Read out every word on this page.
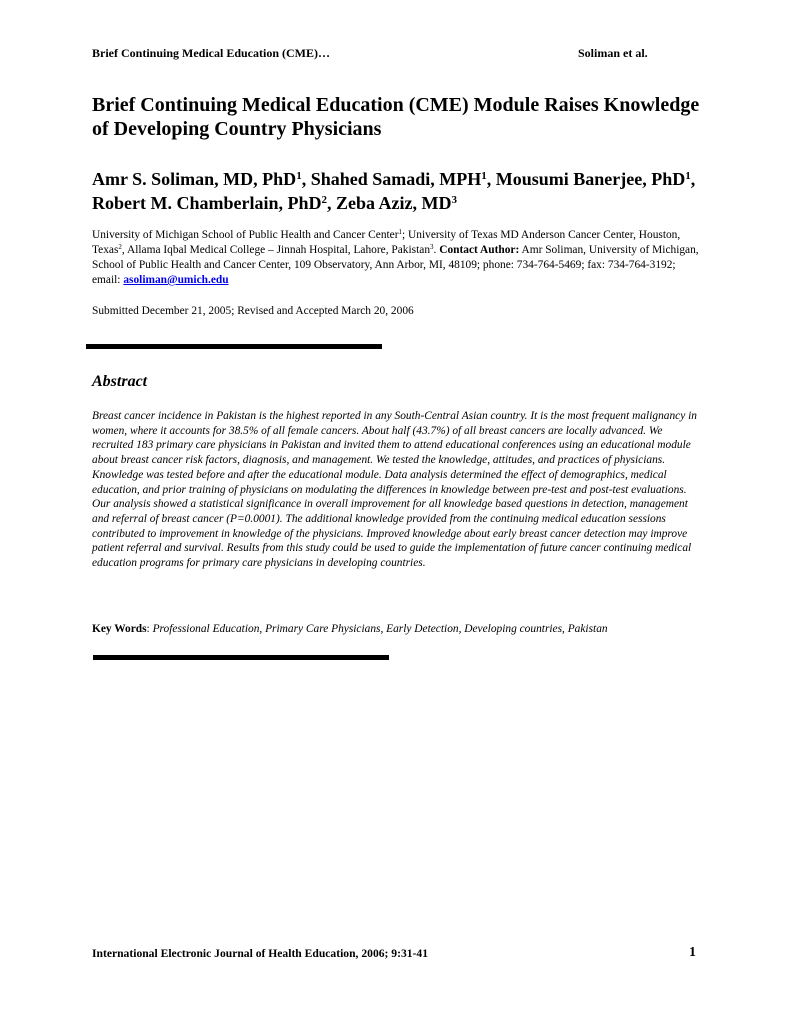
Brief Continuing Medical Education (CME)…	Soliman et al.
Brief Continuing Medical Education (CME) Module Raises Knowledge of Developing Country Physicians
Amr S. Soliman, MD, PhD$^1$, Shahed Samadi, MPH$^1$, Mousumi Banerjee, PhD$^1$, Robert M. Chamberlain, PhD$^2$, Zeba Aziz, $MD^3$
University of Michigan School of Public Health and Cancer Center$^1$; University of Texas MD Anderson Cancer Center, Houston, Texas$^2$, Allama Iqbal Medical College – Jinnah Hospital, Lahore, Pakistan$^3$. Contact Author: Amr Soliman, University of Michigan, School of Public Health and Cancer Center, 109 Observatory, Ann Arbor, MI, 48109; phone: 734-764-5469; fax: 734-764-3192; email: asoliman@umich.edu
Submitted December 21, 2005; Revised and Accepted March 20, 2006
Abstract
Breast cancer incidence in Pakistan is the highest reported in any South-Central Asian country. It is the most frequent malignancy in women, where it accounts for 38.5% of all female cancers. About half (43.7%) of all breast cancers are locally advanced. We recruited 183 primary care physicians in Pakistan and invited them to attend educational conferences using an educational module about breast cancer risk factors, diagnosis, and management. We tested the knowledge, attitudes, and practices of physicians. Knowledge was tested before and after the educational module. Data analysis determined the effect of demographics, medical education, and prior training of physicians on modulating the differences in knowledge between pre-test and post-test evaluations. Our analysis showed a statistical significance in overall improvement for all knowledge based questions in detection, management and referral of breast cancer (P=0.0001). The additional knowledge provided from the continuing medical education sessions contributed to improvement in knowledge of the physicians. Improved knowledge about early breast cancer detection may improve patient referral and survival. Results from this study could be used to guide the implementation of future cancer continuing medical education programs for primary care physicians in developing countries.
Key Words: Professional Education, Primary Care Physicians, Early Detection, Developing countries, Pakistan
International Electronic Journal of Health Education, 2006; 9:31-41	1
